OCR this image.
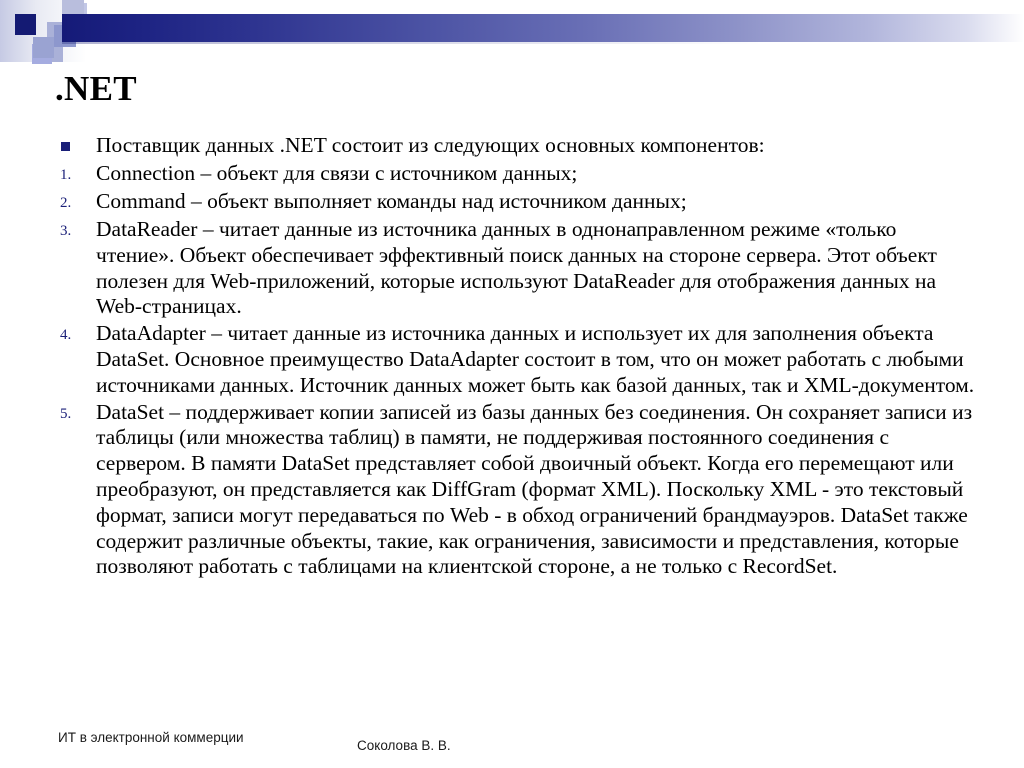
.NET
Поставщик данных .NET состоит из следующих основных компонентов:
1.	Connection – объект для связи с источником данных;
2.	Command – объект выполняет команды над источником данных;
3.	DataReader – читает данные из источника данных в однонаправленном режиме «только чтение». Объект обеспечивает эффективный поиск данных на стороне сервера. Этот объект полезен для Web-приложений, которые используют DataReader для отображения данных на Web-страницах.
4.	DataAdapter – читает данные из источника данных и использует их для заполнения объекта DataSet. Основное преимущество DataAdapter состоит в том, что он может работать с любыми источниками данных. Источник данных может быть как базой данных, так и XML-документом.
5.	DataSet – поддерживает копии записей из базы данных без соединения. Он сохраняет записи из таблицы (или множества таблиц) в памяти, не поддерживая постоянного соединения с сервером. В памяти DataSet представляет собой двоичный объект. Когда его перемещают или преобразуют, он представляется как DiffGram (формат XML). Поскольку XML - это текстовый формат, записи могут передаваться по Web - в обход ограничений брандмауэров. DataSet также содержит различные объекты, такие, как ограничения, зависимости и представления, которые позволяют работать с таблицами на клиентской стороне, а не только с RecordSet.
ИТ в электронной коммерции
Соколова В. В.
